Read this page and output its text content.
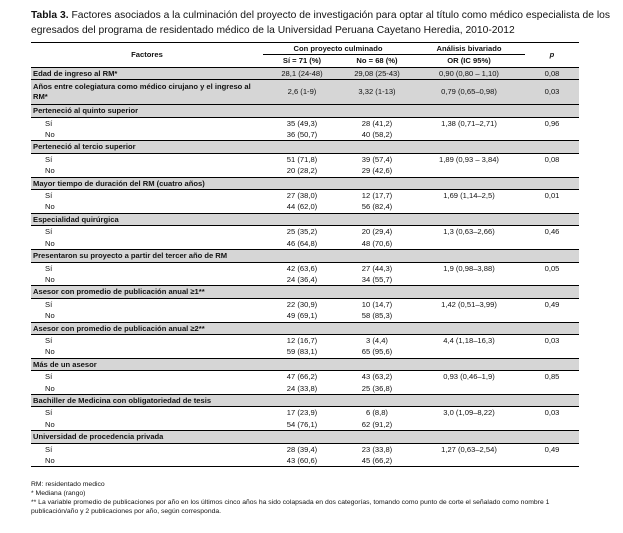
Tabla 3. Factores asociados a la culminación del proyecto de investigación para optar al título como médico especialista de los egresados del programa de residentado médico de la Universidad Peruana Cayetano Heredia, 2010-2012
Factores	Con proyecto culminado		Análisis bivariado	p
	Sí = 71 (%)	No = 68 (%)	OR (IC 95%)	
Edad de ingreso al RM*	28,1 (24-48)	29,08 (25-43)	0,90 (0,80 – 1,10)	0,08
Años entre colegiatura como médico cirujano y el ingreso al RM*	2,6 (1-9)	3,32 (1-13)	0,79 (0,65–0,98)	0,03
Perteneció al quinto superior				
Sí	35 (49,3)	28 (41,2)	1,38 (0,71–2,71)	0,96
No	36 (50,7)	40 (58,2)		
Perteneció al tercio superior				
Sí	51 (71,8)	39 (57,4)	1,89 (0,93 – 3,84)	0,08
No	20 (28,2)	29 (42,6)		
Mayor tiempo de duración del RM (cuatro años)				
Sí	27 (38,0)	12 (17,7)	1,69 (1,14–2,5)	0,01
No	44 (62,0)	56 (82,4)		
Especialidad quirúrgica				
Sí	25 (35,2)	20 (29,4)	1,3 (0,63–2,66)	0,46
No	46 (64,8)	48 (70,6)		
Presentaron su proyecto a partir del tercer año de RM				
Sí	42 (63,6)	27 (44,3)	1,9 (0,98–3,88)	0,05
No	24 (36,4)	34 (55,7)		
Asesor con promedio de publicación anual ≥1**				
Sí	22 (30,9)	10 (14,7)	1,42 (0,51–3,99)	0,49
No	49 (69,1)	58 (85,3)		
Asesor con promedio de publicación anual ≥2**				
Sí	12 (16,7)	3 (4,4)	4,4 (1,18–16,3)	0,03
No	59 (83,1)	65 (95,6)		
Más de un asesor				
Sí	47 (66,2)	43 (63,2)	0,93 (0,46–1,9)	0,85
No	24 (33,8)	25 (36,8)		
Bachiller de Medicina con obligatoriedad de tesis				
Sí	17 (23,9)	6 (8,8)	3,0 (1,09–8,22)	0,03
No	54 (76,1)	62 (91,2)		
Universidad de procedencia privada				
Sí	28 (39,4)	23 (33,8)	1,27 (0,63–2,54)	0,49
No	43 (60,6)	45 (66,2)		
RM: residentado medico
* Mediana (rango)
** La variable promedio de publicaciones por año en los últimos cinco años ha sido colapsada en dos categorías, tomando como punto de corte el señalado como nombre 1 publicación/año y 2 publicaciones por año, según corresponda.
